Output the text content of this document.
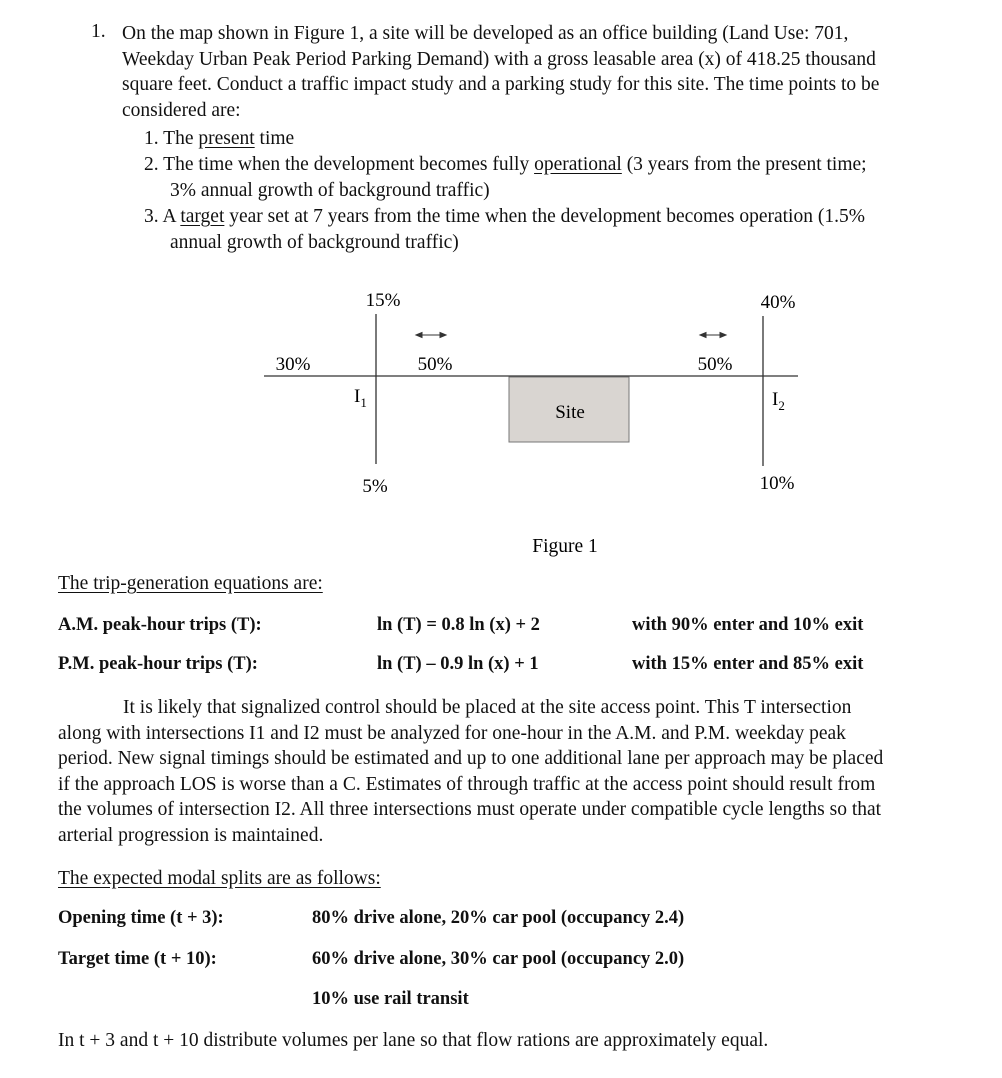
1. On the map shown in Figure 1, a site will be developed as an office building (Land Use: 701,
Weekday Urban Peak Period Parking Demand) with a gross leasable area (x) of 418.25 thousand
square feet. Conduct a traffic impact study and a parking study for this site. The time points to be
considered are:
1. The present time
2. The time when the development becomes fully operational (3 years from the present time;
3% annual growth of background traffic)
3. A target year set at 7 years from the time when the development becomes operation (1.5%
annual growth of background traffic)
Site
15%
30%	50%
5%
40%
50%
10%
$I_1$	$I_2$
Figure 1
The trip-generation equations are:
A.M. peak-hour trips (T):	ln (T) = 0.8 ln (x) + 2	with 90% enter and 10% exit
P.M. peak-hour trips (T):	ln (T) – 0.9 ln (x) + 1	with 15% enter and 85% exit
It is likely that signalized control should be placed at the site access point. This T intersection
along with intersections I1 and I2 must be analyzed for one-hour in the A.M. and P.M. weekday peak
period. New signal timings should be estimated and up to one additional lane per approach may be placed
if the approach LOS is worse than a C. Estimates of through traffic at the access point should result from
the volumes of intersection I2. All three intersections must operate under compatible cycle lengths so that
arterial progression is maintained.
The expected modal splits are as follows:
Opening time (t + 3):	80% drive alone, 20% car pool (occupancy 2.4)
Target time (t + 10):	60% drive alone, 30% car pool (occupancy 2.0)
10% use rail transit
In t + 3 and t + 10 distribute volumes per lane so that flow rations are approximately equal.
